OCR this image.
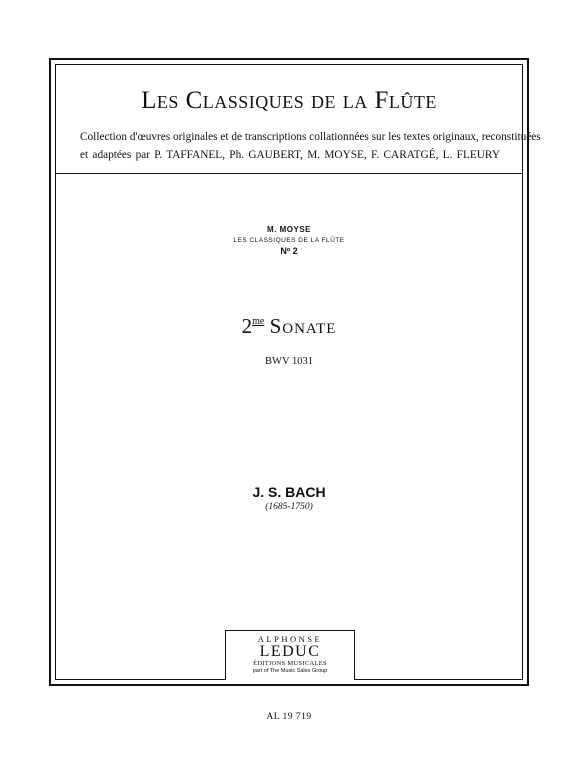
Les Classiques de la Flûte
Collection d'œuvres originales et de transcriptions collationnées sur les textes originaux, reconstituées
et adaptées par P. TAFFANEL, Ph. GAUBERT, M. MOYSE, F. CARATGÉ, L. FLEURY
M. MOYSE
LES CLASSIQUES DE LA FLÛTE
Nº 2
$2^{me}$ Sonate
BWV 1031
J. S. BACH
(1685-1750)
ALPHONSE
LEDUC
ÉDITIONS MUSICALES
part of The Music Sales Group
AL 19 719
